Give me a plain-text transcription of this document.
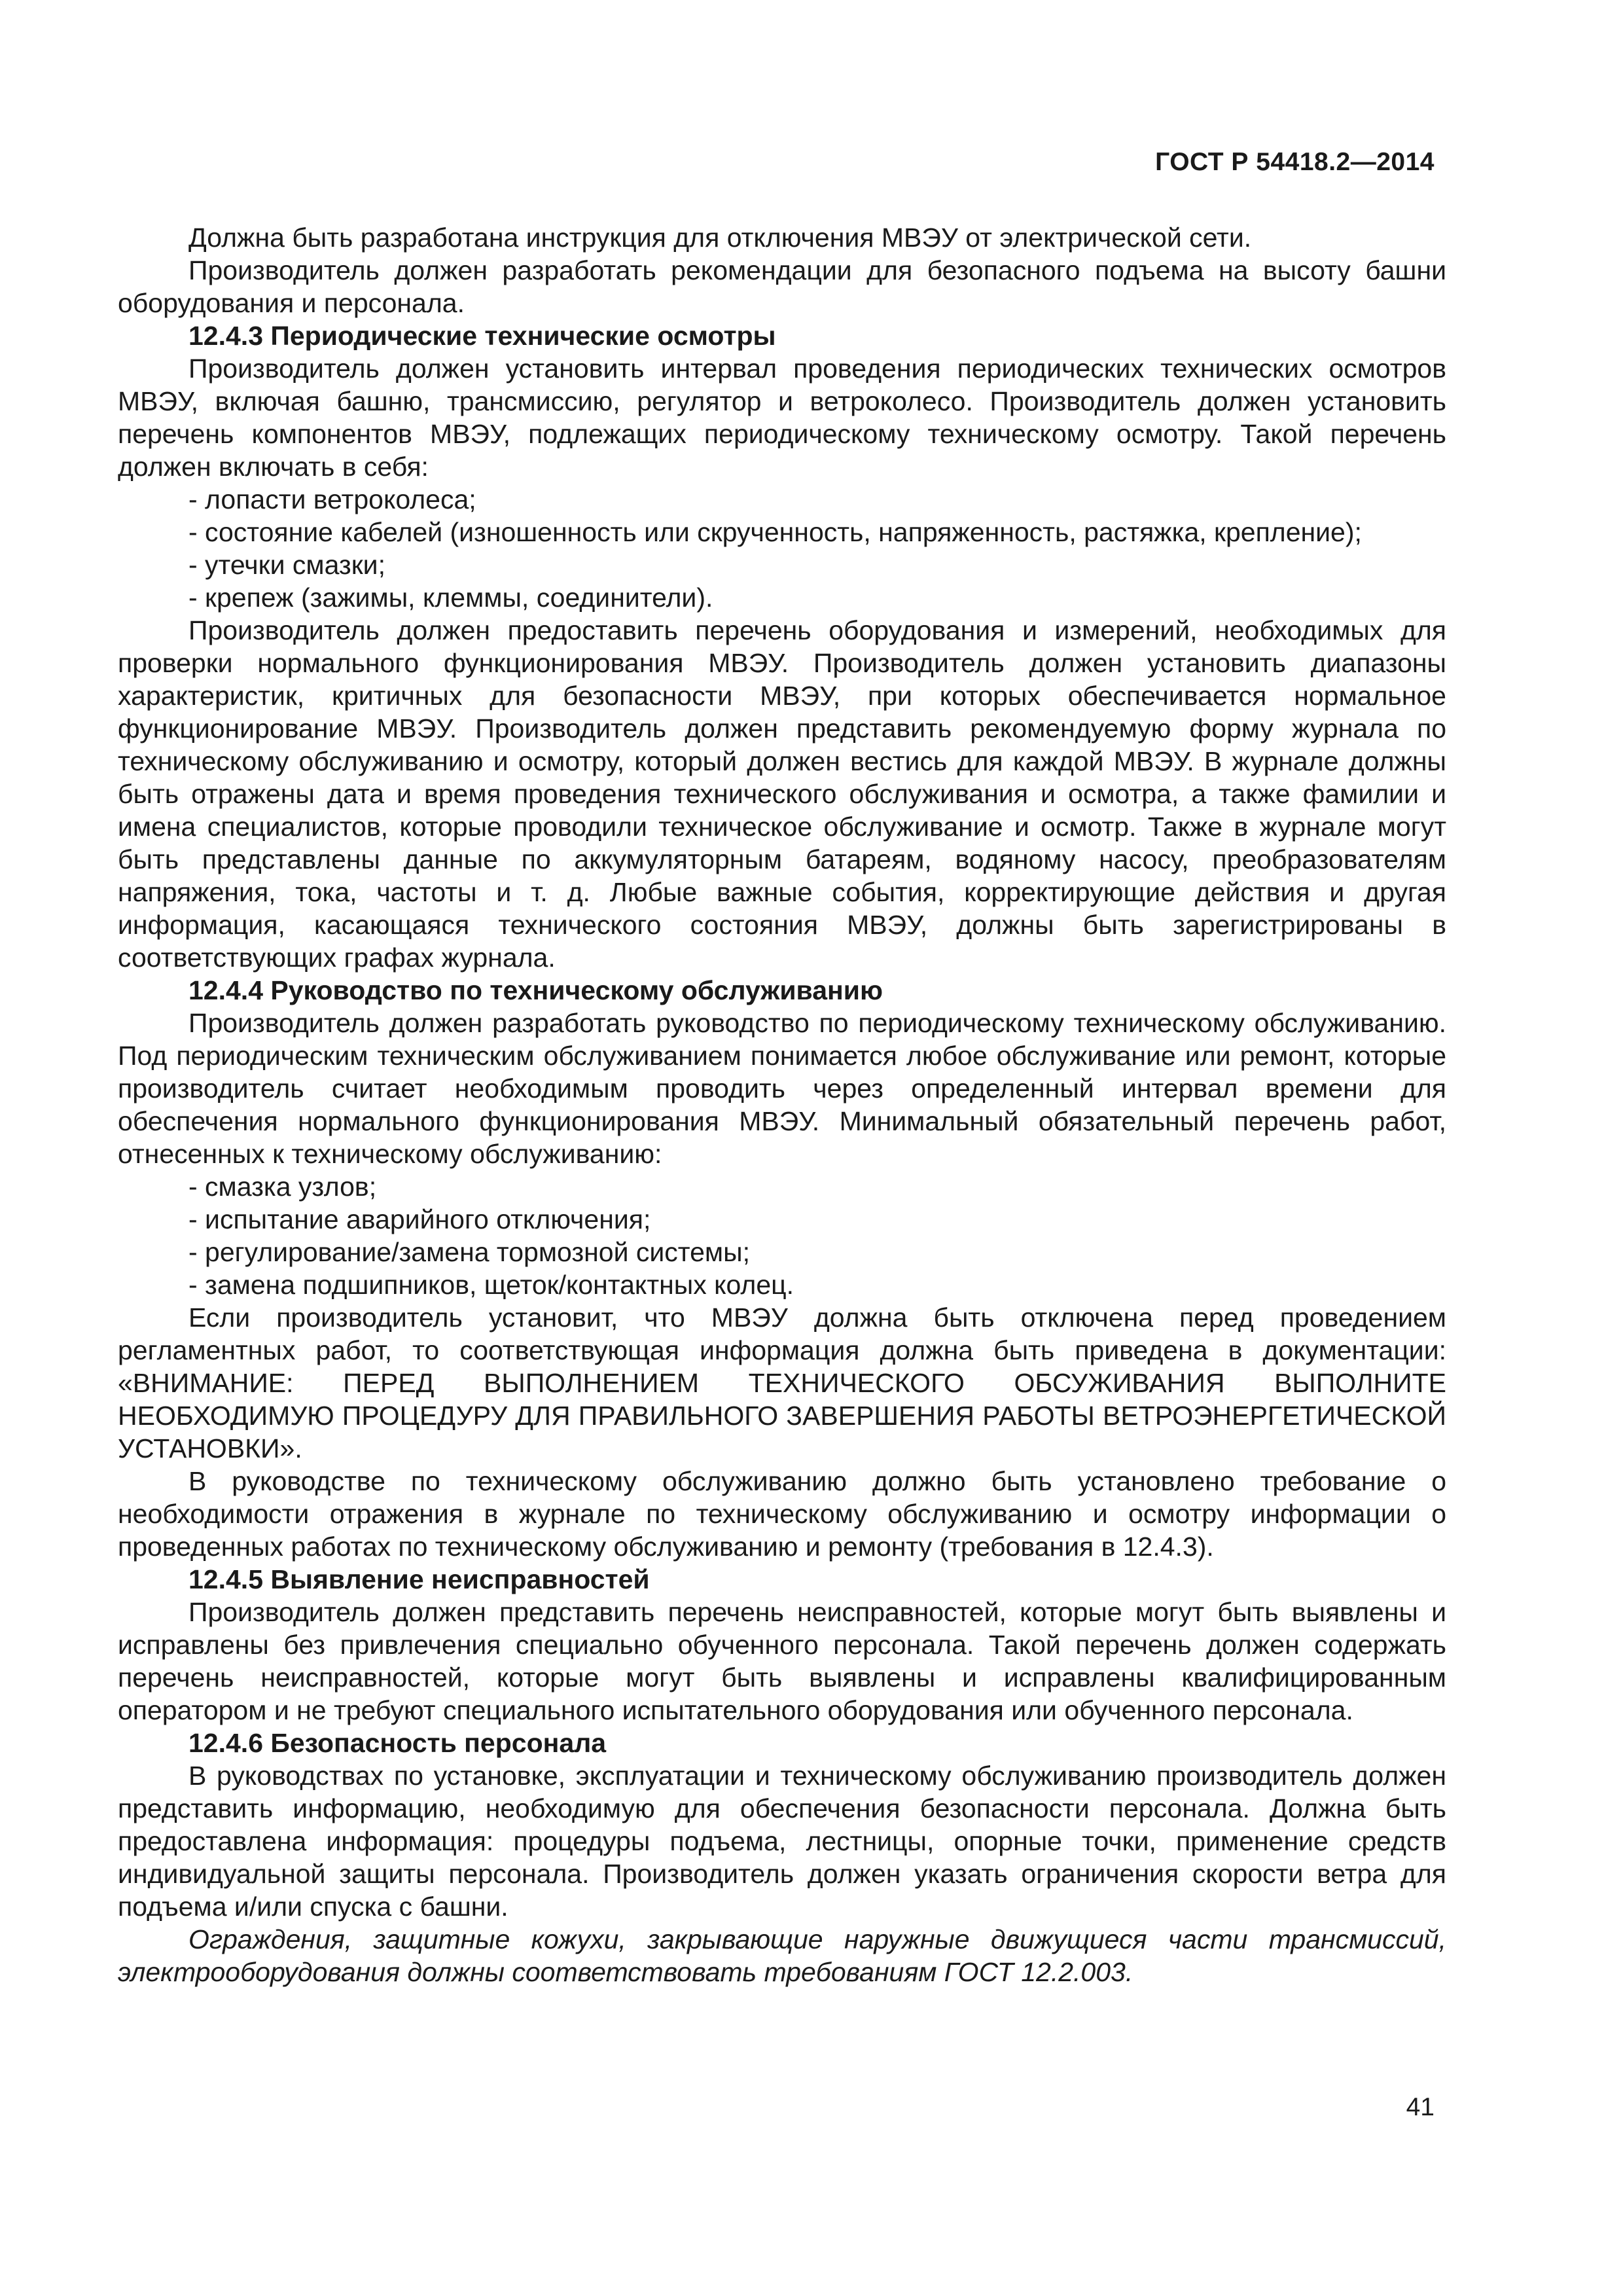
ГОСТ Р 54418.2—2014

Должна быть разработана инструкция для отключения МВЭУ от электрической сети.

Производитель должен разработать рекомендации для безопасного подъема на высоту башни оборудования и персонала.

12.4.3 Периодические технические осмотры

Производитель должен установить интервал проведения периодических технических осмотров МВЭУ, включая башню, трансмиссию, регулятор и ветроколесо. Производитель должен установить перечень компонентов МВЭУ, подлежащих периодическому техническому осмотру. Такой перечень должен включать в себя:

- лопасти ветроколеса;
- состояние кабелей (изношенность или скрученность, напряженность, растяжка, крепление);
- утечки смазки;
- крепеж (зажимы, клеммы, соединители).

Производитель должен предоставить перечень оборудования и измерений, необходимых для проверки нормального функционирования МВЭУ. Производитель должен установить диапазоны характеристик, критичных для безопасности МВЭУ, при которых обеспечивается нормальное функционирование МВЭУ. Производитель должен представить рекомендуемую форму журнала по техническому обслуживанию и осмотру, который должен вестись для каждой МВЭУ. В журнале должны быть отражены дата и время проведения технического обслуживания и осмотра, а также фамилии и имена специалистов, которые проводили техническое обслуживание и осмотр. Также в журнале могут быть представлены данные по аккумуляторным батареям, водяному насосу, преобразователям напряжения, тока, частоты и т. д. Любые важные события, корректирующие действия и другая информация, касающаяся технического состояния МВЭУ, должны быть зарегистрированы в соответствующих графах журнала.

12.4.4 Руководство по техническому обслуживанию

Производитель должен разработать руководство по периодическому техническому обслуживанию. Под периодическим техническим обслуживанием понимается любое обслуживание или ремонт, которые производитель считает необходимым проводить через определенный интервал времени для обеспечения нормального функционирования МВЭУ. Минимальный обязательный перечень работ, отнесенных к техническому обслуживанию:

- смазка узлов;
- испытание аварийного отключения;
- регулирование/замена тормозной системы;
- замена подшипников, щеток/контактных колец.

Если производитель установит, что МВЭУ должна быть отключена перед проведением регламентных работ, то соответствующая информация должна быть приведена в документации: «ВНИМАНИЕ: ПЕРЕД ВЫПОЛНЕНИЕМ ТЕХНИЧЕСКОГО ОБСУЖИВАНИЯ ВЫПОЛНИТЕ НЕОБХОДИМУЮ ПРОЦЕДУРУ ДЛЯ ПРАВИЛЬНОГО ЗАВЕРШЕНИЯ РАБОТЫ ВЕТРОЭНЕРГЕТИЧЕСКОЙ УСТАНОВКИ».

В руководстве по техническому обслуживанию должно быть установлено требование о необходимости отражения в журнале по техническому обслуживанию и осмотру информации о проведенных работах по техническому обслуживанию и ремонту (требования в 12.4.3).

12.4.5 Выявление неисправностей

Производитель должен представить перечень неисправностей, которые могут быть выявлены и исправлены без привлечения специально обученного персонала. Такой перечень должен содержать перечень неисправностей, которые могут быть выявлены и исправлены квалифицированным оператором и не требуют специального испытательного оборудования или обученного персонала.

12.4.6 Безопасность персонала

В руководствах по установке, эксплуатации и техническому обслуживанию производитель должен представить информацию, необходимую для обеспечения безопасности персонала. Должна быть предоставлена информация: процедуры подъема, лестницы, опорные точки, применение средств индивидуальной защиты персонала. Производитель должен указать ограничения скорости ветра для подъема и/или спуска с башни.

Ограждения, защитные кожухи, закрывающие наружные движущиеся части трансмиссий, электрооборудования должны соответствовать требованиям ГОСТ 12.2.003.

41
